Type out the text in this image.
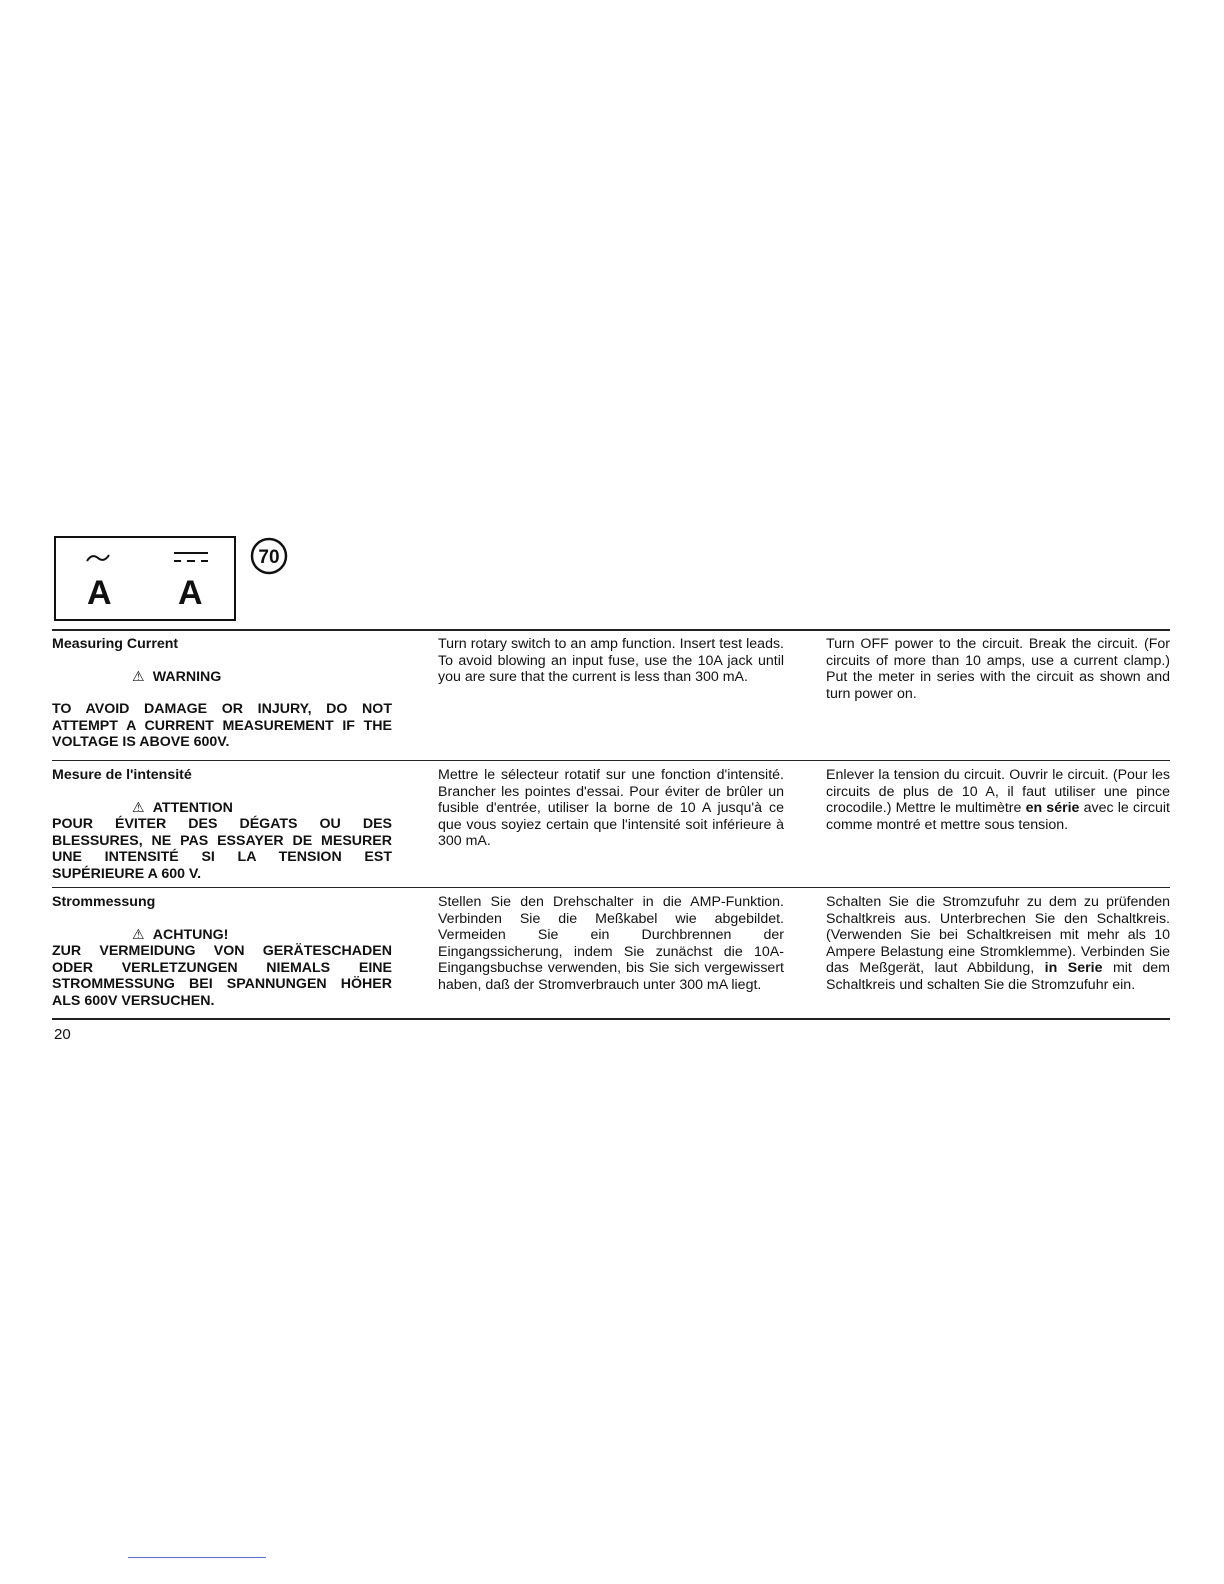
A A
70

Measuring Current

⚠ WARNING

TO AVOID DAMAGE OR INJURY, DO NOT ATTEMPT A CURRENT MEASUREMENT IF THE VOLTAGE IS ABOVE 600V.

Turn rotary switch to an amp function. Insert test leads. To avoid blowing an input fuse, use the 10A jack until you are sure that the current is less than 300 mA.

Turn OFF power to the circuit. Break the circuit. (For circuits of more than 10 amps, use a current clamp.) Put the meter in series with the circuit as shown and turn power on.

Mesure de l'intensité

⚠ ATTENTION

POUR ÉVITER DES DÉGATS OU DES BLESSURES, NE PAS ESSAYER DE MESURER UNE INTENSITÉ SI LA TENSION EST SUPÉRIEURE A 600 V.

Mettre le sélecteur rotatif sur une fonction d'intensité. Brancher les pointes d'essai. Pour éviter de brûler un fusible d'entrée, utiliser la borne de 10 A jusqu'à ce que vous soyiez certain que l'intensité soit inférieure à 300 mA.

Enlever la tension du circuit. Ouvrir le circuit. (Pour les circuits de plus de 10 A, il faut utiliser une pince crocodile.) Mettre le multimètre en série avec le circuit comme montré et mettre sous tension.

Strommessung

⚠ ACHTUNG!

ZUR VERMEIDUNG VON GERÄTESCHADEN ODER VERLETZUNGEN NIEMALS EINE STROMMESSUNG BEI SPANNUNGEN HÖHER ALS 600V VERSUCHEN.

Stellen Sie den Drehschalter in die AMP-Funktion. Verbinden Sie die Meßkabel wie abgebildet. Vermeiden Sie ein Durchbrennen der Eingangssicherung, indem Sie zunächst die 10A-Eingangsbuchse verwenden, bis Sie sich vergewissert haben, daß der Stromverbrauch unter 300 mA liegt.

Schalten Sie die Stromzufuhr zu dem zu prüfenden Schaltkreis aus. Unterbrechen Sie den Schaltkreis. (Verwenden Sie bei Schaltkreisen mit mehr als 10 Ampere Belastung eine Stromklemme). Verbinden Sie das Meßgerät, laut Abbildung, in Serie mit dem Schaltkreis und schalten Sie die Stromzufuhr ein.

20
